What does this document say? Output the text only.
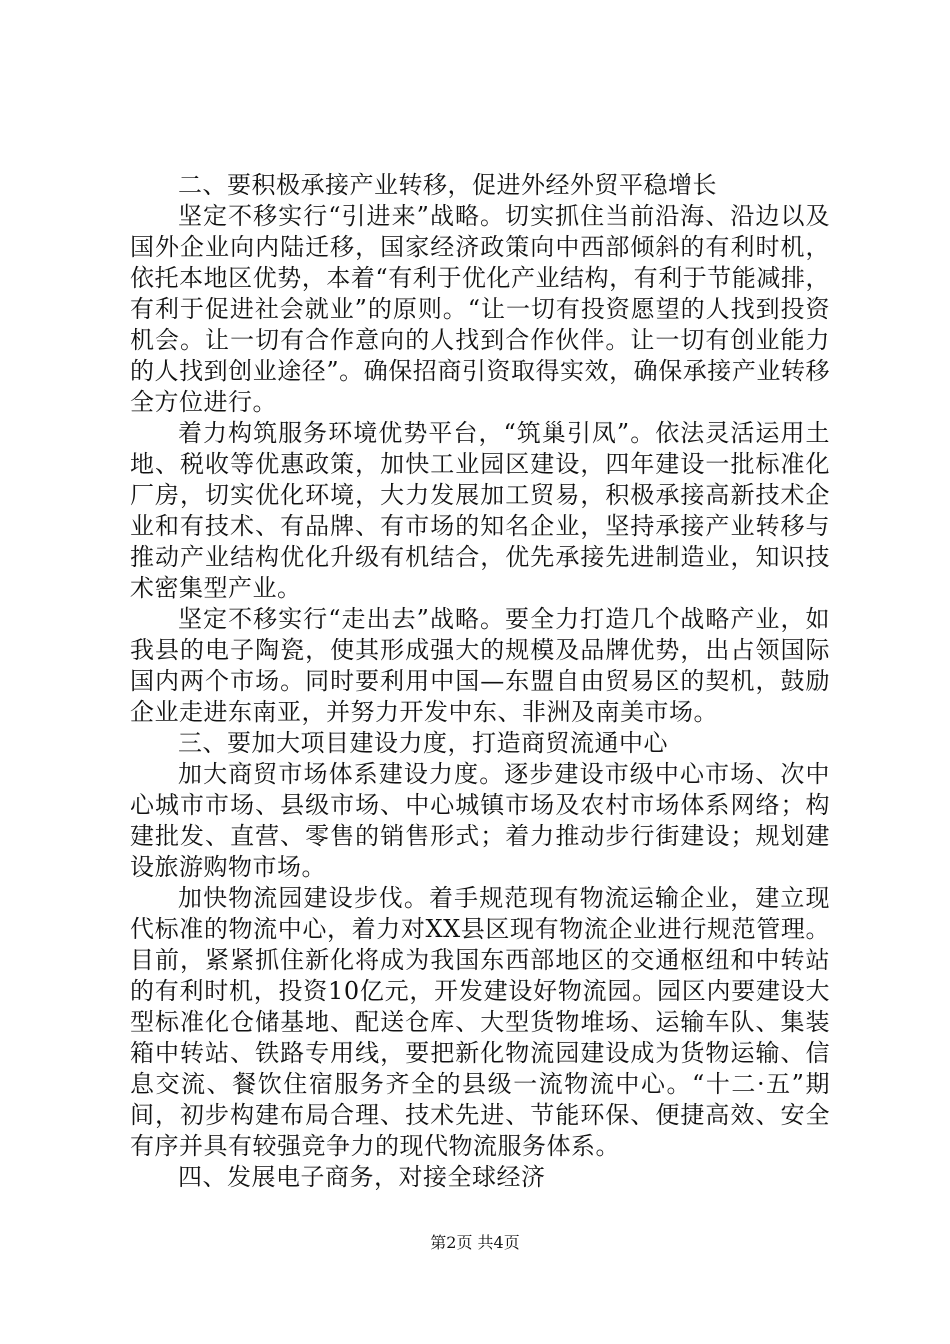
二、要积极承接产业转移，促进外经外贸平稳增长

坚定不移实行“引进来”战略。切实抓住当前沿海、沿边以及国外企业向内陆迁移，国家经济政策向中西部倾斜的有利时机，依托本地区优势，本着“有利于优化产业结构，有利于节能减排，有利于促进社会就业”的原则。“让一切有投资愿望的人找到投资机会。让一切有合作意向的人找到合作伙伴。让一切有创业能力的人找到创业途径”。确保招商引资取得实效，确保承接产业转移全方位进行。

着力构筑服务环境优势平台，“筑巢引凤”。依法灵活运用土地、税收等优惠政策，加快工业园区建设，四年建设一批标准化厂房，切实优化环境，大力发展加工贸易，积极承接高新技术企业和有技术、有品牌、有市场的知名企业，坚持承接产业转移与推动产业结构优化升级有机结合，优先承接先进制造业，知识技术密集型产业。

坚定不移实行“走出去”战略。要全力打造几个战略产业，如我县的电子陶瓷，使其形成强大的规模及品牌优势，出占领国际国内两个市场。同时要利用中国—东盟自由贸易区的契机，鼓励企业走进东南亚，并努力开发中东、非洲及南美市场。

三、要加大项目建设力度，打造商贸流通中心

加大商贸市场体系建设力度。逐步建设市级中心市场、次中心城市市场、县级市场、中心城镇市场及农村市场体系网络；构建批发、直营、零售的销售形式；着力推动步行街建设；规划建设旅游购物市场。

加快物流园建设步伐。着手规范现有物流运输企业，建立现代标准的物流中心，着力对XX县区现有物流企业进行规范管理。目前，紧紧抓住新化将成为我国东西部地区的交通枢纽和中转站的有利时机，投资10亿元，开发建设好物流园。园区内要建设大型标准化仓储基地、配送仓库、大型货物堆场、运输车队、集装箱中转站、铁路专用线，要把新化物流园建设成为货物运输、信息交流、餐饮住宿服务齐全的县级一流物流中心。“十二·五”期间，初步构建布局合理、技术先进、节能环保、便捷高效、安全有序并具有较强竞争力的现代物流服务体系。

四、发展电子商务，对接全球经济

第2页 共4页
